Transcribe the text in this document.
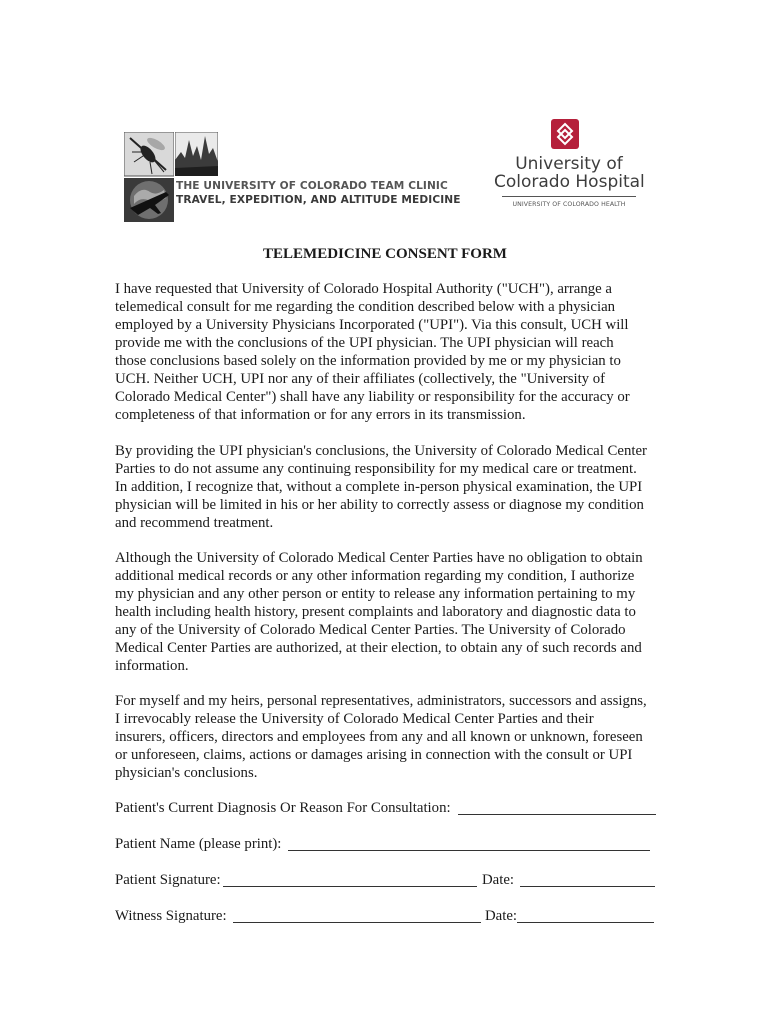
THE UNIVERSITY OF COLORADO TEAM CLINIC
TRAVEL, EXPEDITION, AND ALTITUDE MEDICINE
University of
Colorado Hospital
UNIVERSITY OF COLORADO HEALTH
TELEMEDICINE CONSENT FORM
I have requested that University of Colorado Hospital Authority ("UCH"), arrange a
telemedical consult for me regarding the condition described below with a physician
employed by a University Physicians Incorporated ("UPI"). Via this consult, UCH will
provide me with the conclusions of the UPI physician. The UPI physician will reach
those conclusions based solely on the information provided by me or my physician to
UCH. Neither UCH, UPI nor any of their affiliates (collectively, the "University of
Colorado Medical Center") shall have any liability or responsibility for the accuracy or
completeness of that information or for any errors in its transmission.
By providing the UPI physician's conclusions, the University of Colorado Medical Center
Parties to do not assume any continuing responsibility for my medical care or treatment.
In addition, I recognize that, without a complete in-person physical examination, the UPI
physician will be limited in his or her ability to correctly assess or diagnose my condition
and recommend treatment.
Although the University of Colorado Medical Center Parties have no obligation to obtain
additional medical records or any other information regarding my condition, I authorize
my physician and any other person or entity to release any information pertaining to my
health including health history, present complaints and laboratory and diagnostic data to
any of the University of Colorado Medical Center Parties. The University of Colorado
Medical Center Parties are authorized, at their election, to obtain any of such records and
information.
For myself and my heirs, personal representatives, administrators, successors and assigns,
I irrevocably release the University of Colorado Medical Center Parties and their
insurers, officers, directors and employees from any and all known or unknown, foreseen
or unforeseen, claims, actions or damages arising in connection with the consult or UPI
physician's conclusions.
Patient's Current Diagnosis Or Reason For Consultation:
Patient Name (please print):
Patient Signature:	Date:
Witness Signature:	Date:
